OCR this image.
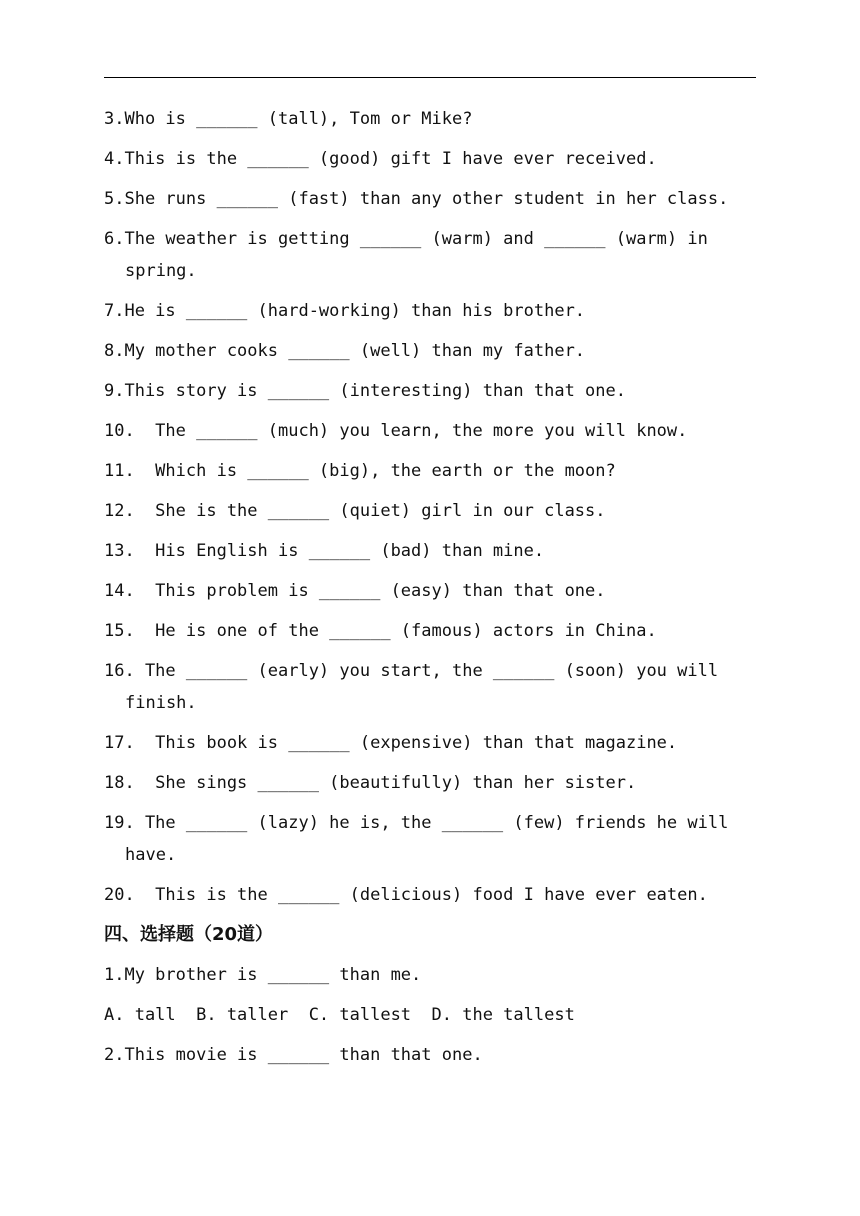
3.Who is ______ (tall), Tom or Mike?
4.This is the ______ (good) gift I have ever received.
5.She runs ______ (fast) than any other student in her class.
6.The weather is getting ______ (warm) and ______ (warm) in spring.
7.He is ______ (hard-working) than his brother.
8.My mother cooks ______ (well) than my father.
9.This story is ______ (interesting) than that one.
10.  The ______ (much) you learn, the more you will know.
11.  Which is ______ (big), the earth or the moon?
12.  She is the ______ (quiet) girl in our class.
13.  His English is ______ (bad) than mine.
14.  This problem is ______ (easy) than that one.
15.  He is one of the ______ (famous) actors in China.
16. The ______ (early) you start, the ______ (soon) you will finish.
17.  This book is ______ (expensive) than that magazine.
18.  She sings ______ (beautifully) than her sister.
19. The ______ (lazy) he is, the ______ (few) friends he will have.
20.  This is the ______ (delicious) food I have ever eaten.
四、选择题（20道）
1.My brother is ______ than me.
A. tall  B. taller  C. tallest  D. the tallest
2.This movie is ______ than that one.
